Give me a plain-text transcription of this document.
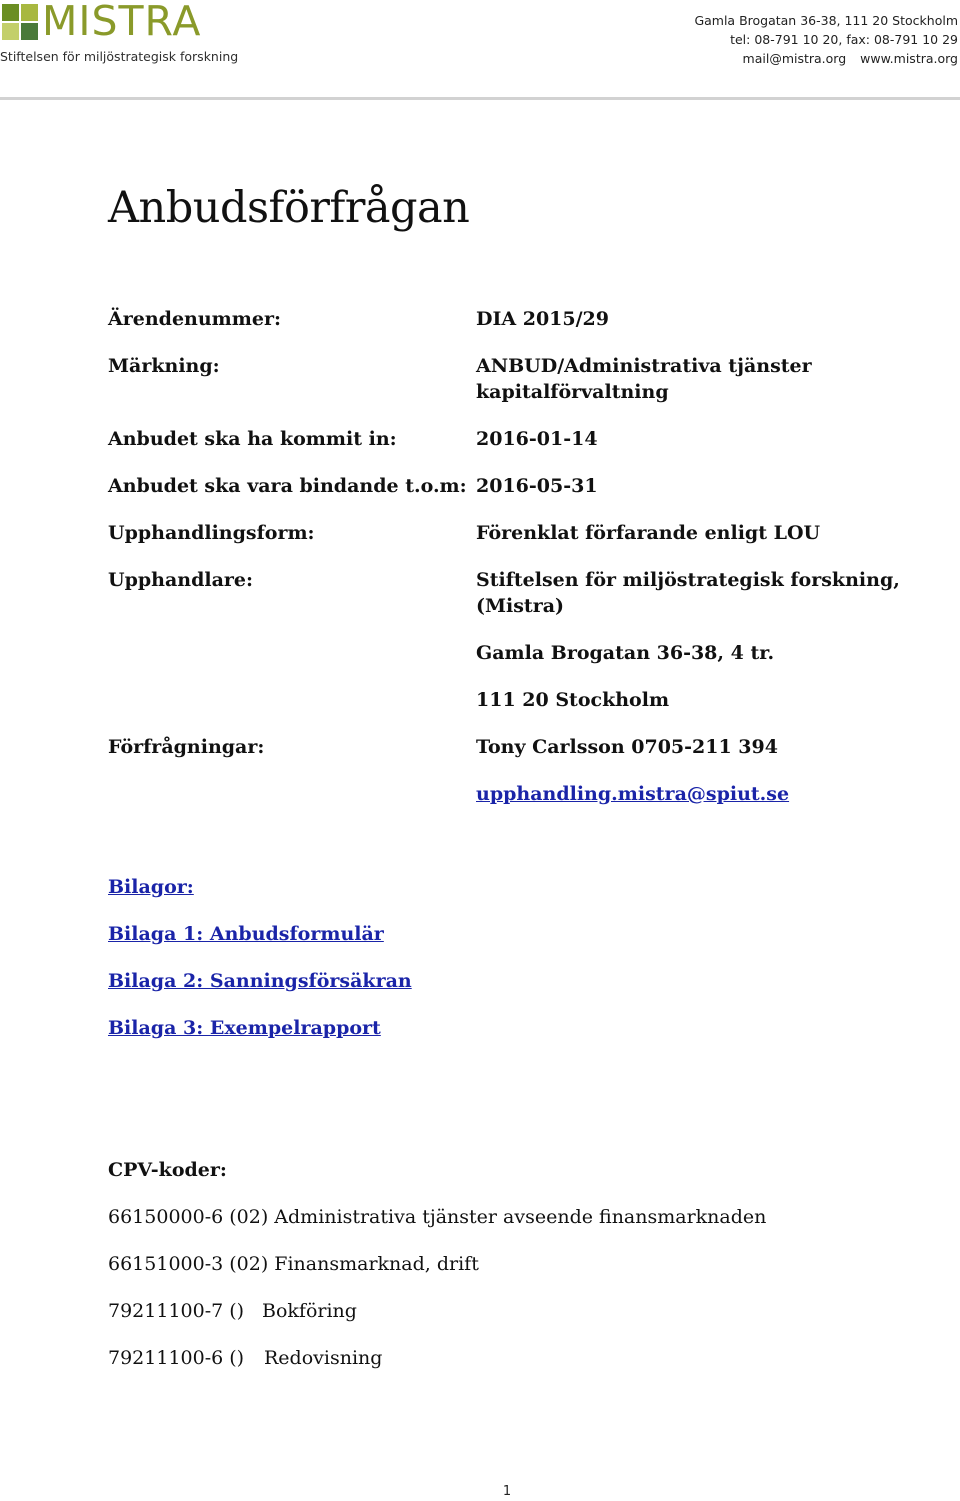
MISTRA
Stiftelsen för miljöstrategisk forskning
Gamla Brogatan 36-38, 111 20 Stockholm
tel: 08-791 10 20, fax: 08-791 10 29
mail@mistra.org www.mistra.org
Anbudsförfrågan
Ärendenummer:	DIA 2015/29
Märkning:	ANBUD/Administrativa tjänster
kapitalförvaltning
Anbudet ska ha kommit in:	2016-01-14
Anbudet ska vara bindande t.o.m: 2016-05-31
Upphandlingsform:	Förenklat förfarande enligt LOU
Upphandlare:	Stiftelsen för miljöstrategisk forskning,
(Mistra)
Gamla Brogatan 36-38, 4 tr.
111 20 Stockholm
Förfrågningar:	Tony Carlsson 0705-211 394
upphandling.mistra@spiut.se
Bilagor:
Bilaga 1: Anbudsformulär
Bilaga 2: Sanningsförsäkran
Bilaga 3: Exempelrapport
CPV-koder:
66150000-6 (02) Administrativa tjänster avseende finansmarknaden
66151000-3 (02) Finansmarknad, drift
79211100-7 () Bokföring
79211100-6 () Redovisning
1
